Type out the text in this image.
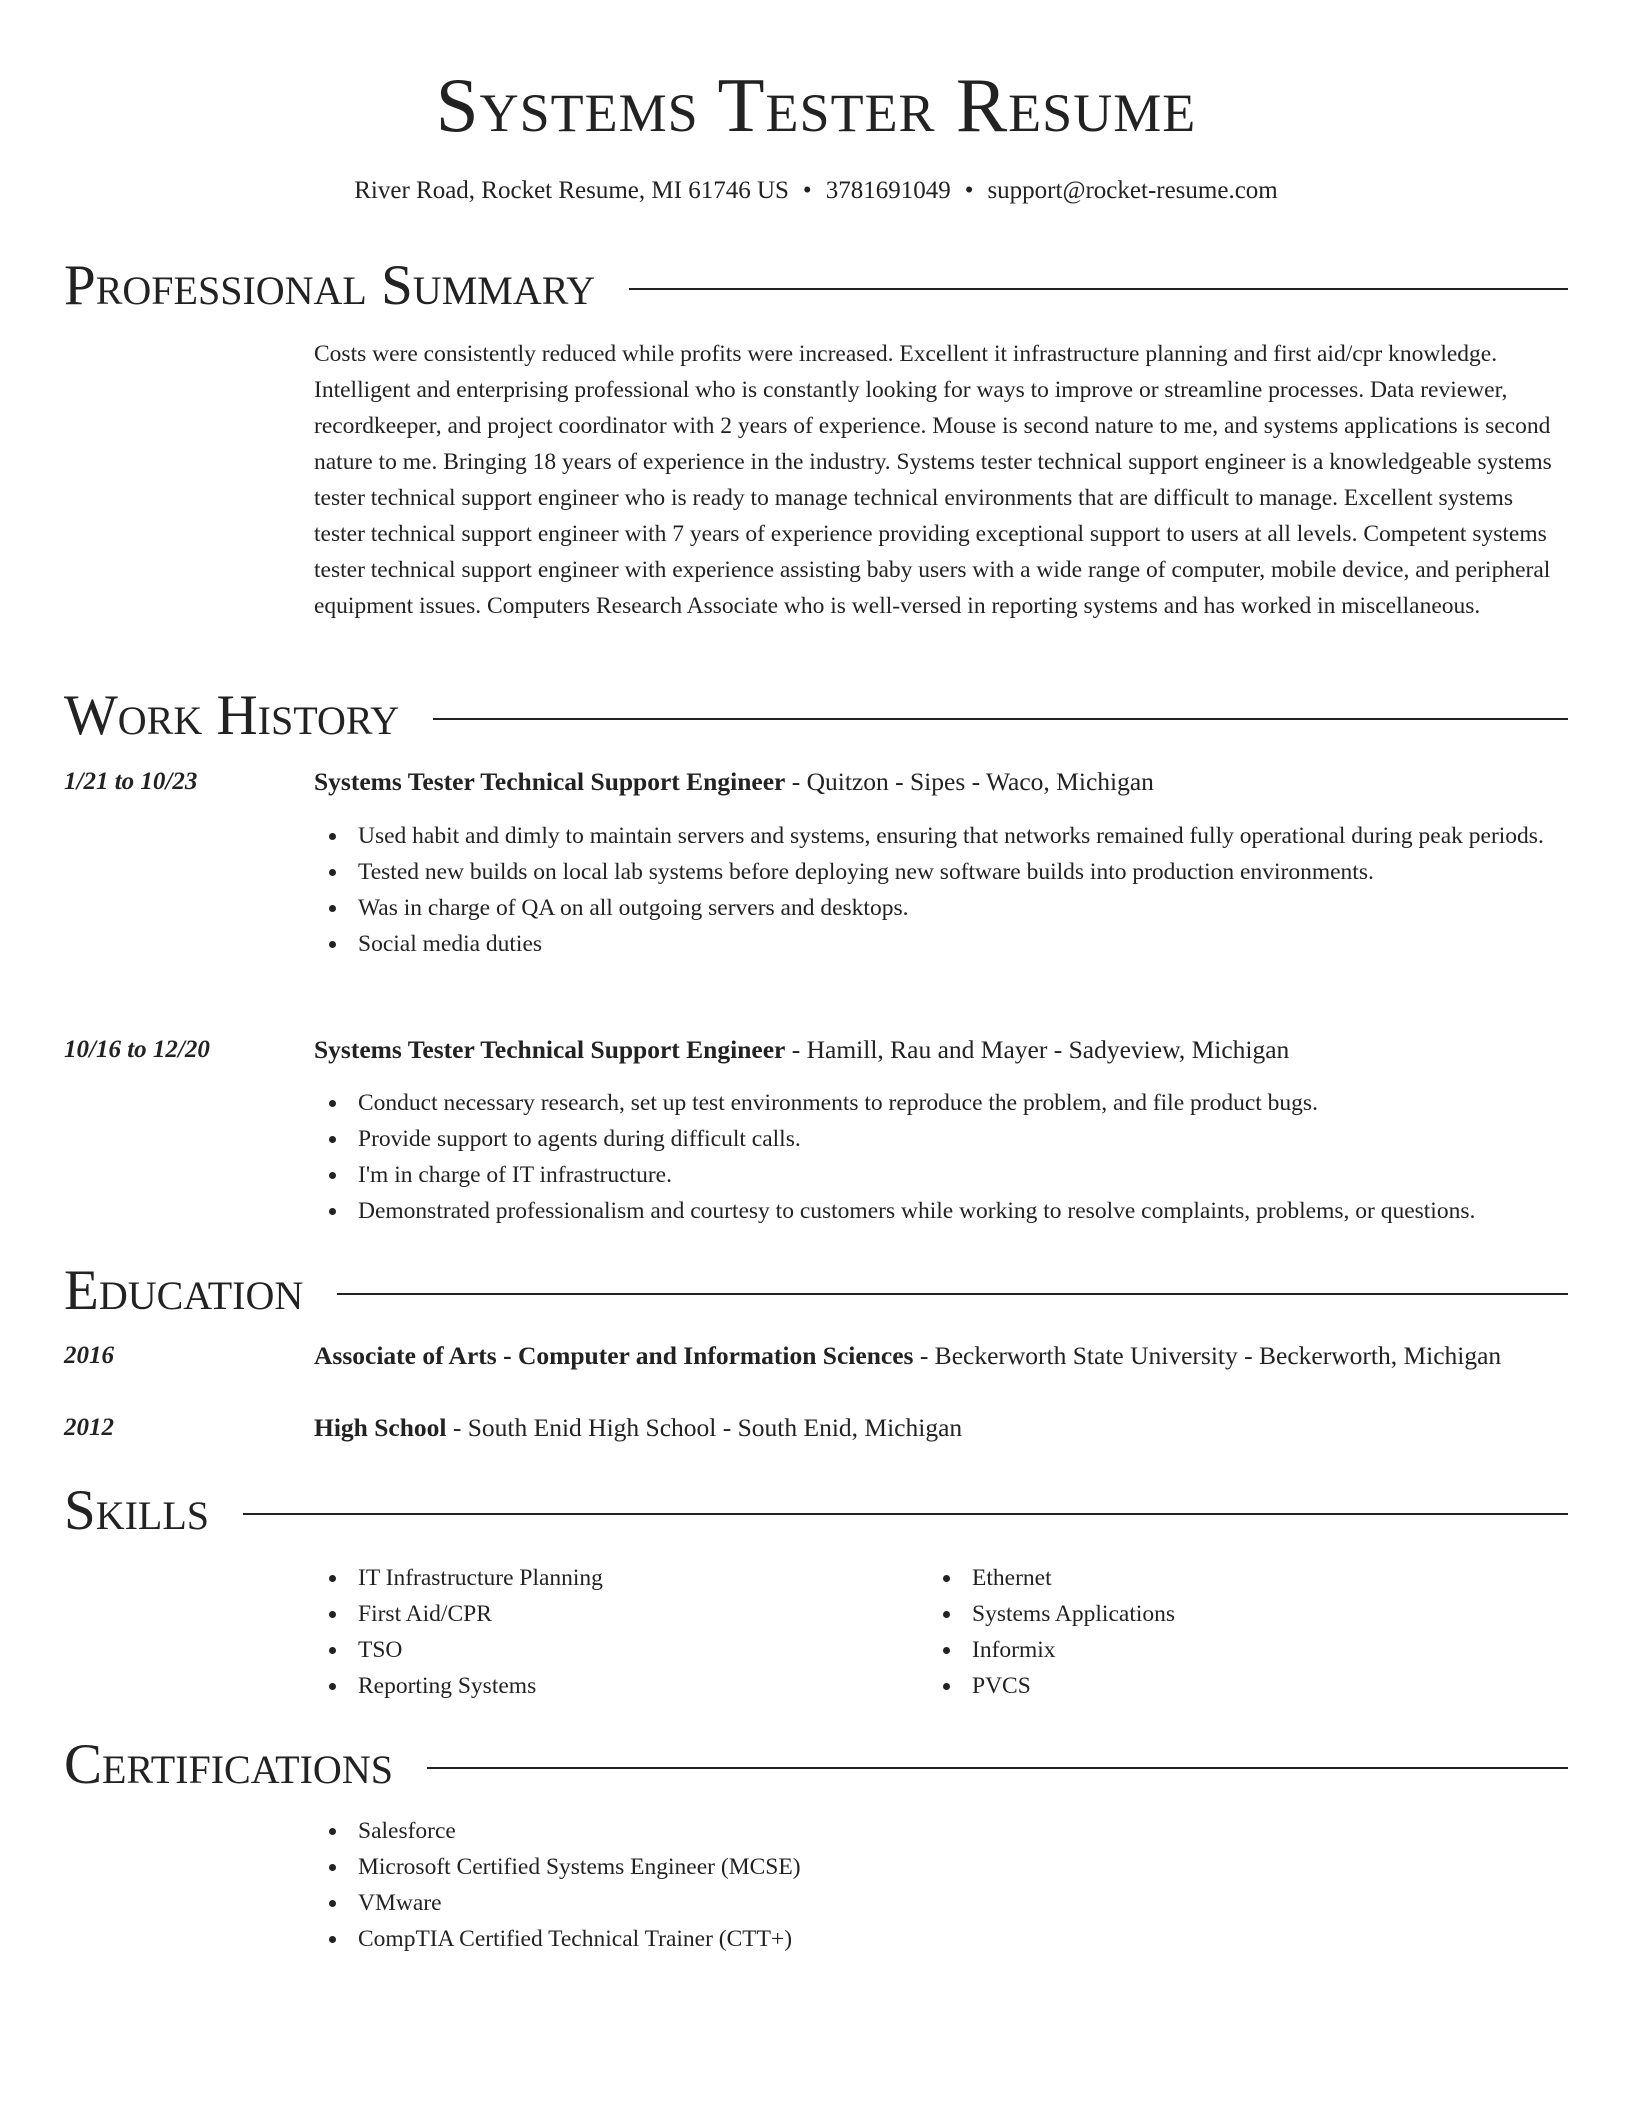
Systems Tester Resume
River Road, Rocket Resume, MI 61746 US • 3781691049 • support@rocket-resume.com
Professional Summary

Costs were consistently reduced while profits were increased. Excellent it infrastructure planning and first aid/cpr knowledge. Intelligent and enterprising professional who is constantly looking for ways to improve or streamline processes. Data reviewer, recordkeeper, and project coordinator with 2 years of experience. Mouse is second nature to me, and systems applications is second nature to me. Bringing 18 years of experience in the industry. Systems tester technical support engineer is a knowledgeable systems tester technical support engineer who is ready to manage technical environments that are difficult to manage. Excellent systems tester technical support engineer with 7 years of experience providing exceptional support to users at all levels. Competent systems tester technical support engineer with experience assisting baby users with a wide range of computer, mobile device, and peripheral equipment issues. Computers Research Associate who is well-versed in reporting systems and has worked in miscellaneous.

Work History
1/21 to 10/23	Systems Tester Technical Support Engineer - Quitzon - Sipes - Waco, Michigan
Used habit and dimly to maintain servers and systems, ensuring that networks remained fully operational during peak periods.
Tested new builds on local lab systems before deploying new software builds into production environments.
Was in charge of QA on all outgoing servers and desktops.
Social media duties
10/16 to 12/20	Systems Tester Technical Support Engineer - Hamill, Rau and Mayer - Sadyeview, Michigan
Conduct necessary research, set up test environments to reproduce the problem, and file product bugs.
Provide support to agents during difficult calls.
I'm in charge of IT infrastructure.
Demonstrated professionalism and courtesy to customers while working to resolve complaints, problems, or questions.
Education
2016	Associate of Arts - Computer and Information Sciences - Beckerworth State University - Beckerworth, Michigan
2012	High School - South Enid High School - South Enid, Michigan
Skills
IT Infrastructure Planning
First Aid/CPR
TSO
Reporting Systems
Ethernet
Systems Applications
Informix
PVCS
Certifications
Salesforce
Microsoft Certified Systems Engineer (MCSE)
VMware
CompTIA Certified Technical Trainer (CTT+)
